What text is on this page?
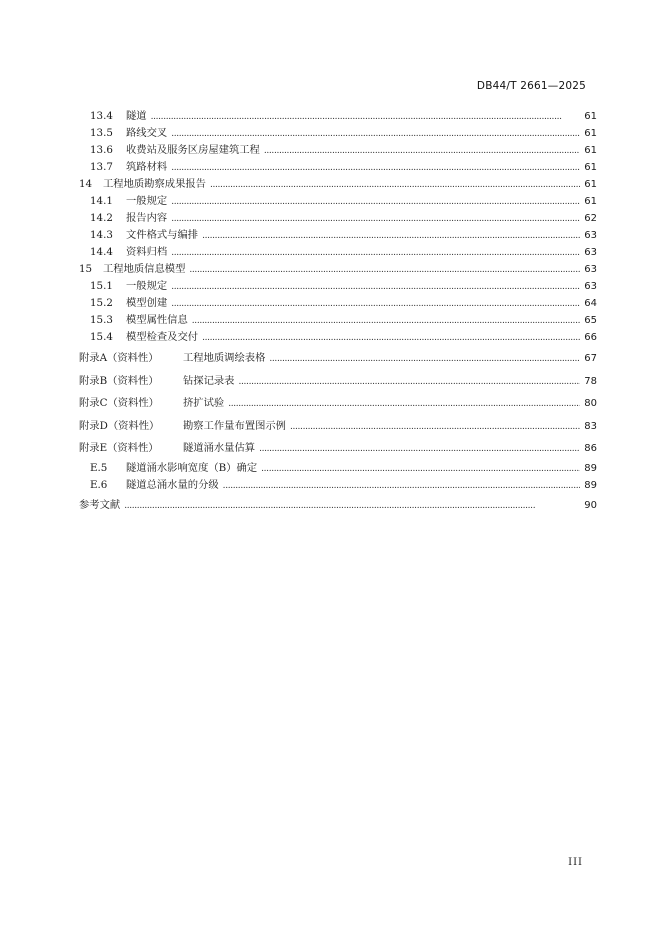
DB44/T 2661—2025
13.4	隧道 . . .	61
13.5	路线交叉 . . .	61
13.6	收费站及服务区房屋建筑工程 . . .	61
13.7	筑路材料 . . .	61
14	工程地质勘察成果报告 . . .	61
14.1	一般规定 . . .	61
14.2	报告内容 . . .	62
14.3	文件格式与编排 . . .	63
14.4	资料归档 . . .	63
15	工程地质信息模型 . . .	63
15.1	一般规定 . . .	63
15.2	模型创建 . . .	64
15.3	模型属性信息 . . .	65
15.4	模型检查及交付 . . .	66
附录A（资料性）	工程地质调绘表格 . . .	67
附录B（资料性）	钻探记录表 . . .	78
附录C（资料性）	挤扩试验 . . .	80
附录D（资料性）	勘察工作量布置图示例 . . .	83
附录E（资料性）	隧道涌水量估算 . . .	86
E.5	隧道涌水影响宽度（B）确定 . . .	89
E.6	隧道总涌水量的分级 . . .	89
参考文献 . . .	90
III
